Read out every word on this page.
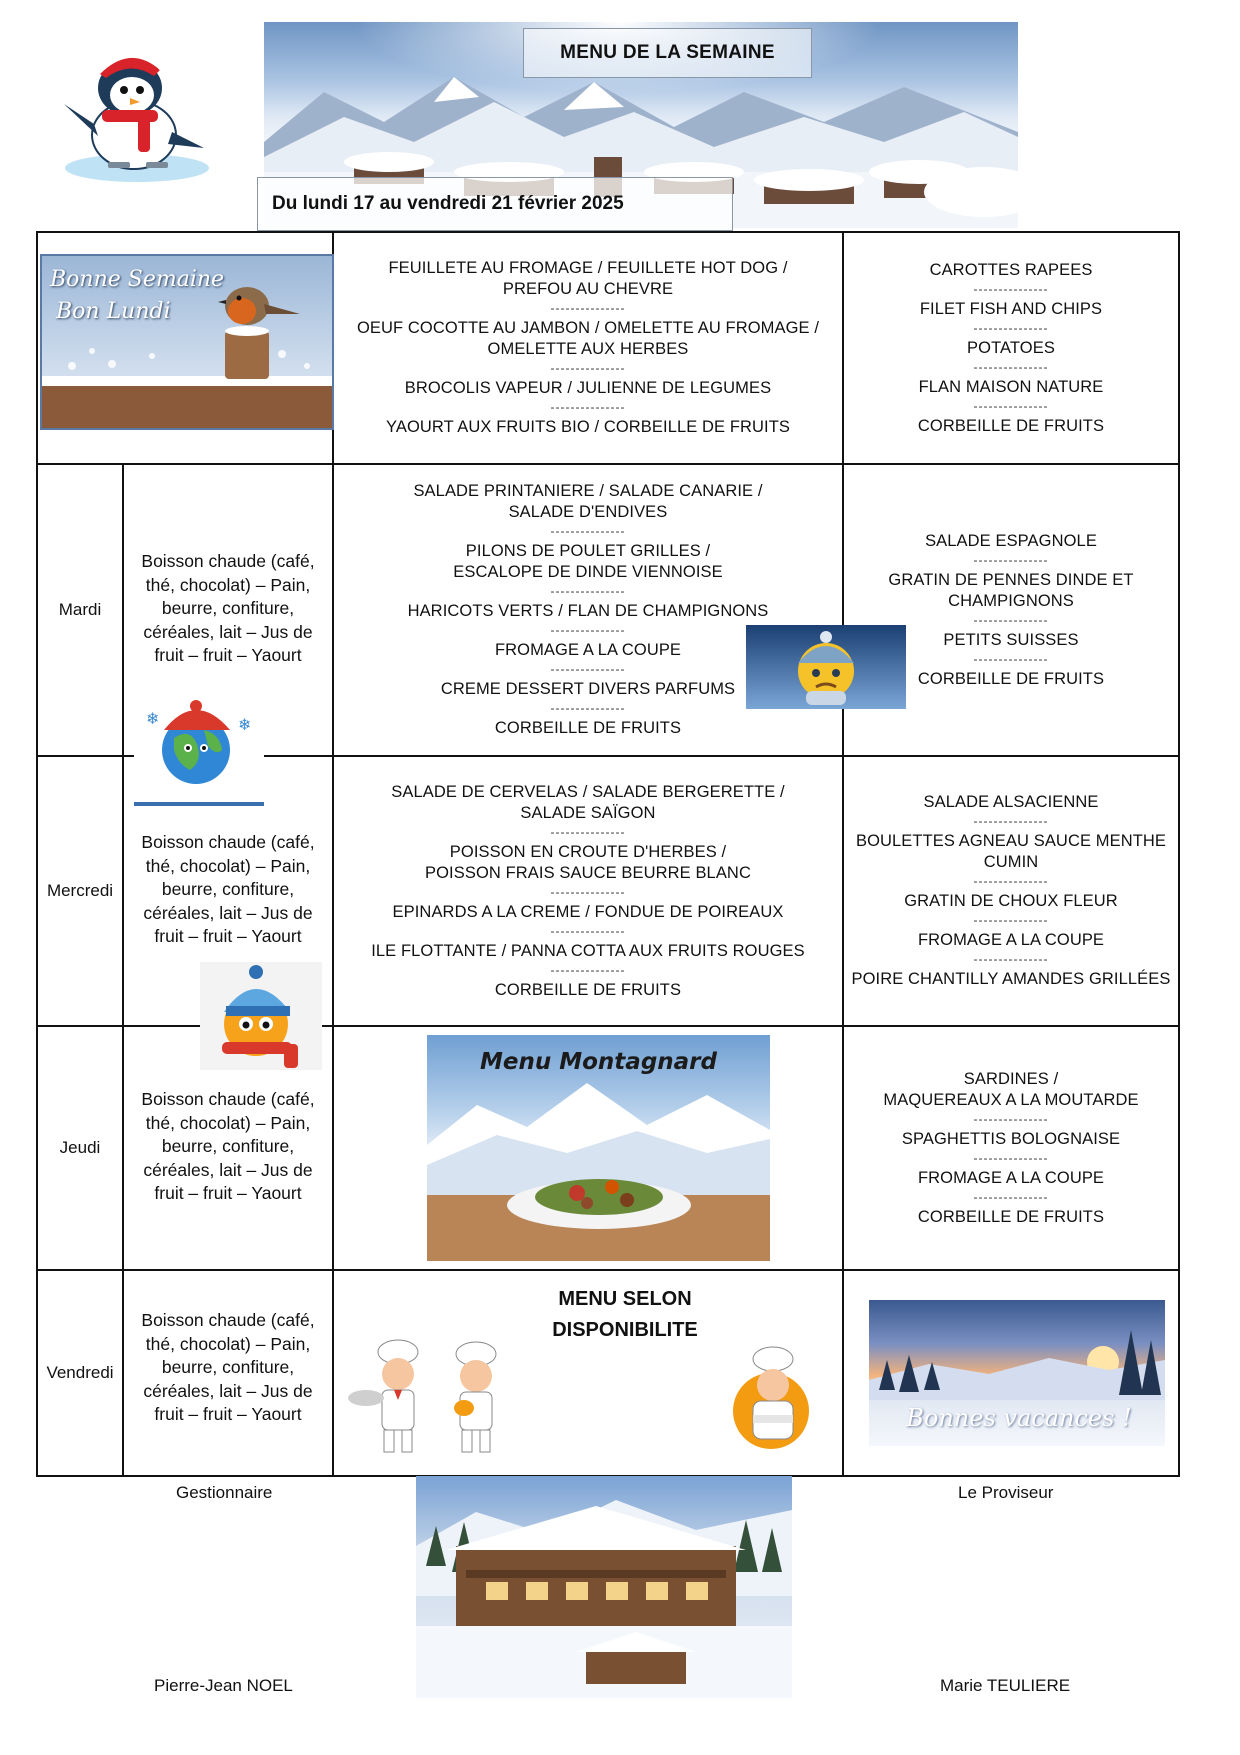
MENU DE LA SEMAINE
Du lundi 17 au vendredi 21 février 2025
Bonne Semaine
Bon Lundi
FEUILLETE AU FROMAGE / FEUILLETE HOT DOG /
PREFOU AU CHEVRE
---------------
OEUF COCOTTE AU JAMBON / OMELETTE AU FROMAGE /
OMELETTE AUX HERBES
---------------
BROCOLIS VAPEUR / JULIENNE DE LEGUMES
---------------
YAOURT AUX FRUITS BIO / CORBEILLE DE FRUITS
CAROTTES RAPEES
---------------
FILET FISH AND CHIPS
---------------
POTATOES
---------------
FLAN MAISON NATURE
---------------
CORBEILLE DE FRUITS
Mardi
Boisson chaude (café, thé, chocolat) – Pain, beurre, confiture, céréales, lait – Jus de fruit – fruit – Yaourt
SALADE PRINTANIERE / SALADE CANARIE /
SALADE D'ENDIVES
---------------
PILONS DE POULET GRILLES /
ESCALOPE DE DINDE VIENNOISE
---------------
HARICOTS VERTS / FLAN DE CHAMPIGNONS
---------------
FROMAGE A LA COUPE
---------------
CREME DESSERT DIVERS PARFUMS
---------------
CORBEILLE DE FRUITS
SALADE ESPAGNOLE
---------------
GRATIN DE PENNES DINDE ET
CHAMPIGNONS
---------------
PETITS SUISSES
---------------
CORBEILLE DE FRUITS
❄	❄
Mercredi
Boisson chaude (café, thé, chocolat) – Pain, beurre, confiture, céréales, lait – Jus de fruit – fruit – Yaourt
SALADE DE CERVELAS / SALADE BERGERETTE /
SALADE SAÏGON
---------------
POISSON EN CROUTE D'HERBES /
POISSON FRAIS SAUCE BEURRE BLANC
---------------
EPINARDS A LA CREME / FONDUE DE POIREAUX
---------------
ILE FLOTTANTE / PANNA COTTA AUX FRUITS ROUGES
---------------
CORBEILLE DE FRUITS
SALADE ALSACIENNE
---------------
BOULETTES AGNEAU SAUCE MENTHE
CUMIN
---------------
GRATIN DE CHOUX FLEUR
---------------
FROMAGE A LA COUPE
---------------
POIRE CHANTILLY AMANDES GRILLÉES
Jeudi
Boisson chaude (café, thé, chocolat) – Pain, beurre, confiture, céréales, lait – Jus de fruit – fruit – Yaourt
Menu Montagnard
SARDINES /
MAQUEREAUX A LA MOUTARDE
---------------
SPAGHETTIS BOLOGNAISE
---------------
FROMAGE A LA COUPE
---------------
CORBEILLE DE FRUITS
Vendredi
Boisson chaude (café, thé, chocolat) – Pain, beurre, confiture, céréales, lait – Jus de fruit – fruit – Yaourt
MENU SELON
DISPONIBILITE
Bonnes vacances !
Gestionnaire
Pierre-Jean NOEL
Le Proviseur
Marie TEULIERE
